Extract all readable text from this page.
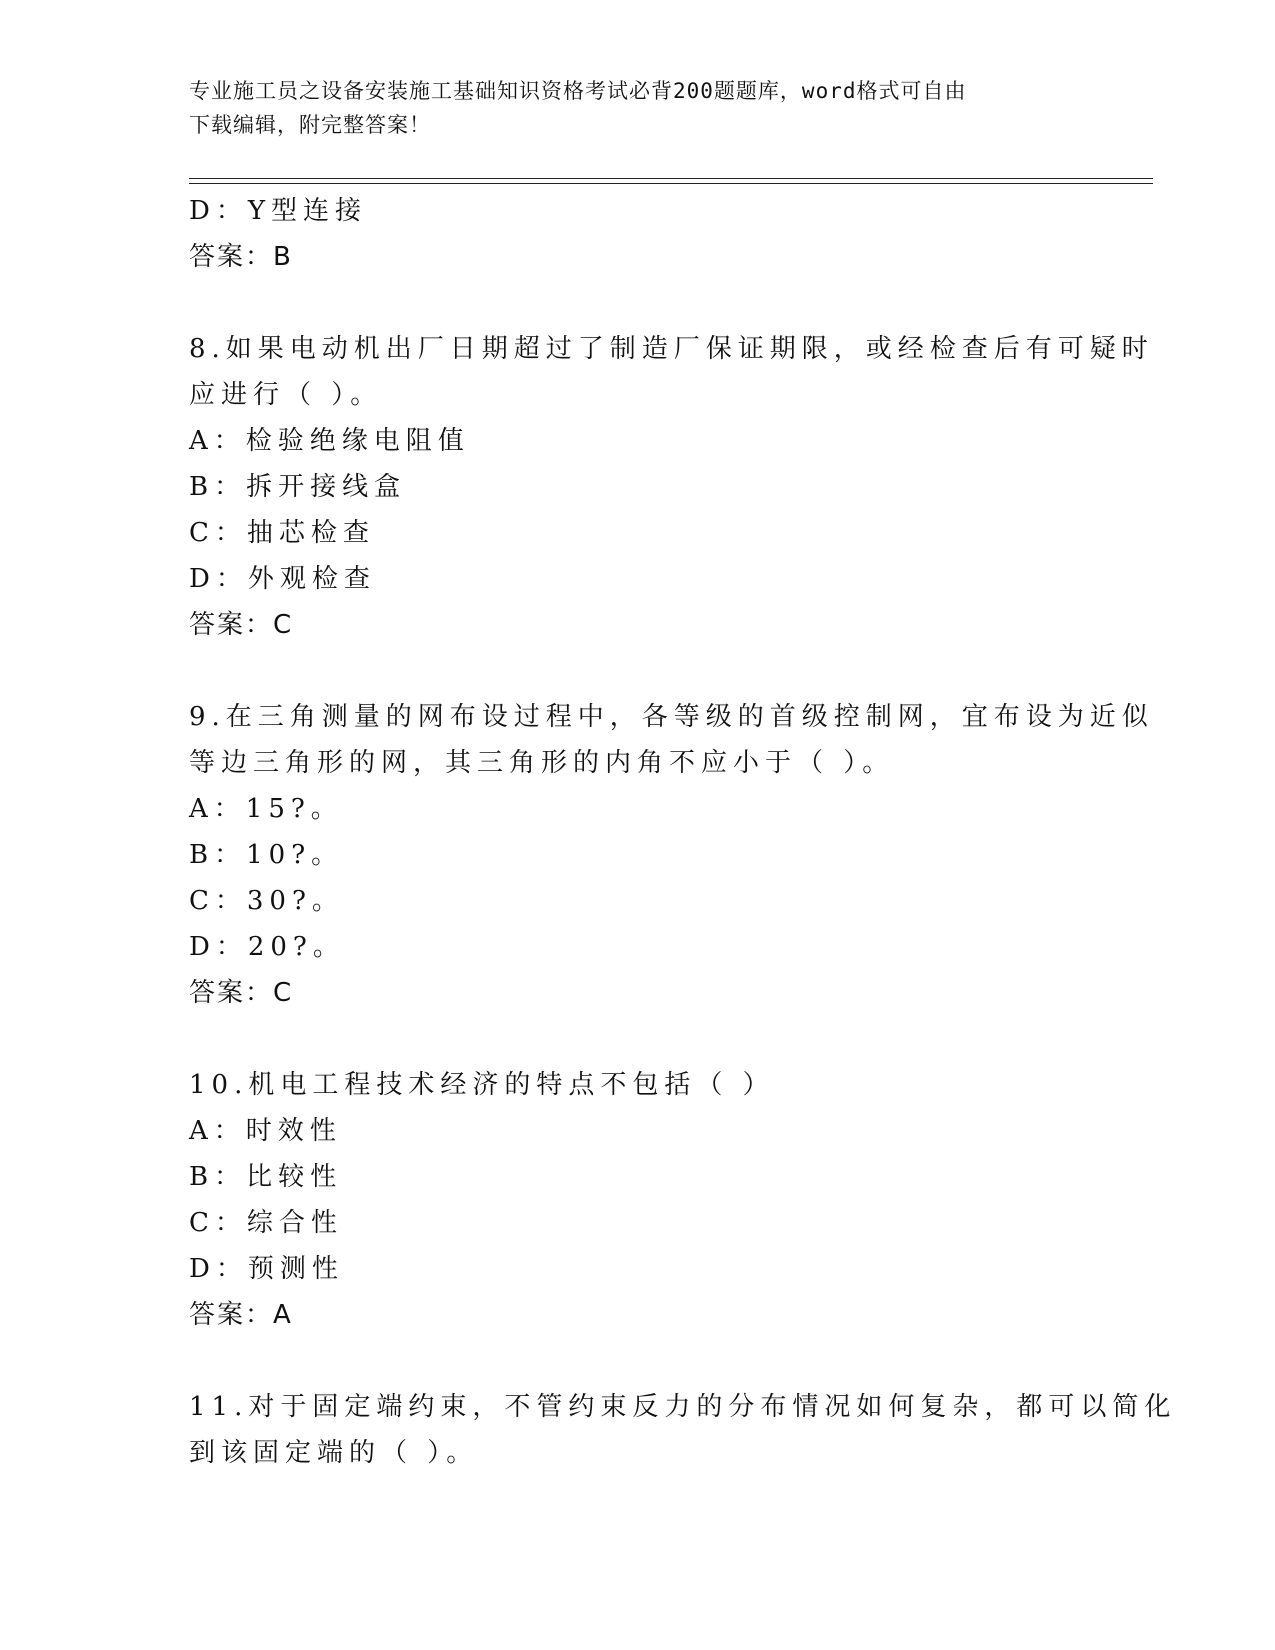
专业施工员之设备安装施工基础知识资格考试必背200题题库，word格式可自由
下载编辑，附完整答案！
D：Y型连接
答案：B
8.如果电动机出厂日期超过了制造厂保证期限，或经检查后有可疑时
应进行（ ）。
A：检验绝缘电阻值
B：拆开接线盒
C：抽芯检查
D：外观检查
答案：C
9.在三角测量的网布设过程中，各等级的首级控制网，宜布设为近似
等边三角形的网，其三角形的内角不应小于（ ）。
A：15?。
B：10?。
C：30?。
D：20?。
答案：C
10.机电工程技术经济的特点不包括（ ）
A：时效性
B：比较性
C：综合性
D：预测性
答案：A
11.对于固定端约束，不管约束反力的分布情况如何复杂，都可以简化
到该固定端的（ ）。
